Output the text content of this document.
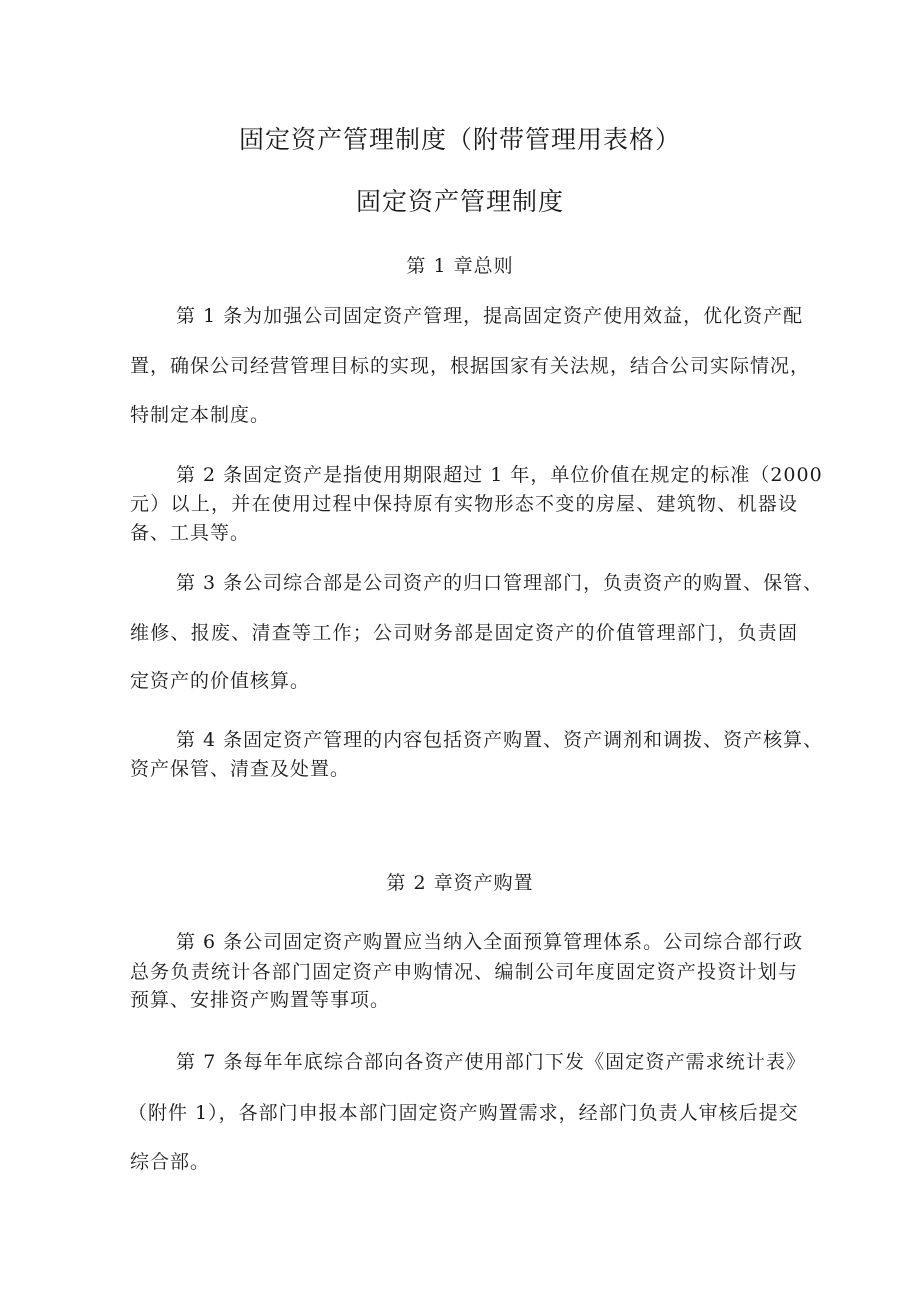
固定资产管理制度（附带管理用表格）
固定资产管理制度
第 1 章总则
第 1 条为加强公司固定资产管理，提高固定资产使用效益，优化资产配
置，确保公司经营管理目标的实现，根据国家有关法规，结合公司实际情况，
特制定本制度。
第 2 条固定资产是指使用期限超过 1 年，单位价值在规定的标准（2000
元）以上，并在使用过程中保持原有实物形态不变的房屋、建筑物、机器设
备、工具等。
第 3 条公司综合部是公司资产的归口管理部门，负责资产的购置、保管、
维修、报废、清查等工作；公司财务部是固定资产的价值管理部门，负责固
定资产的价值核算。
第 4 条固定资产管理的内容包括资产购置、资产调剂和调拨、资产核算、
资产保管、清查及处置。
第 2 章资产购置
第 6 条公司固定资产购置应当纳入全面预算管理体系。公司综合部行政
总务负责统计各部门固定资产申购情况、编制公司年度固定资产投资计划与
预算、安排资产购置等事项。
第 7 条每年年底综合部向各资产使用部门下发《固定资产需求统计表》
（附件 1），各部门申报本部门固定资产购置需求，经部门负责人审核后提交
综合部。
